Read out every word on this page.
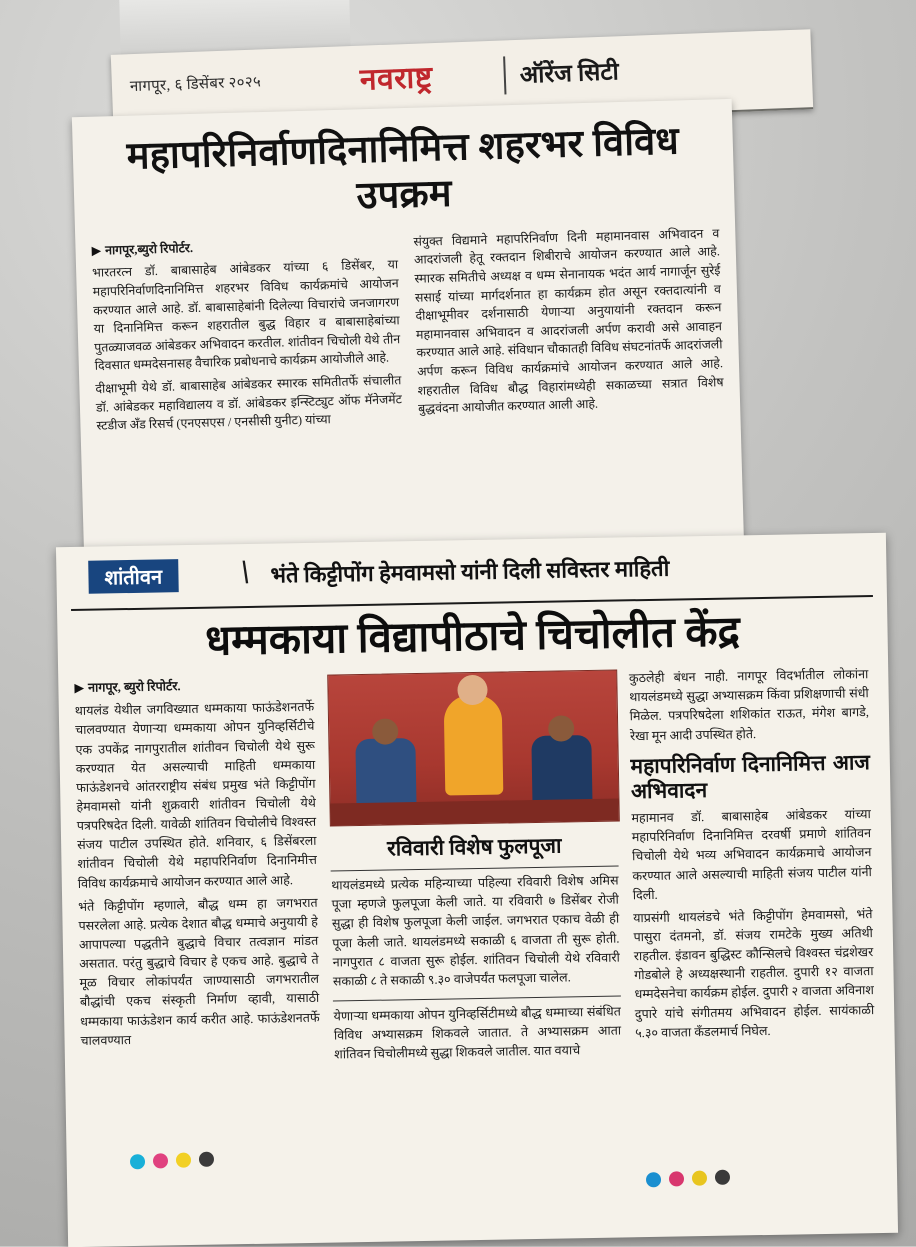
नागपूर, ६ डिसेंबर २०२५	नवराष्ट्र	ऑरेंज सिटी
महापरिनिर्वाणदिनानिमित्त शहरभर विविध उपक्रम

▶ नागपूर,ब्युरो रिपोर्टर.

भारतरत्न डॉ. बाबासाहेब आंबेडकर यांच्या ६ डिसेंबर, या महापरिनिर्वाणदिनानिमित्त शहरभर विविध कार्यक्रमांचे आयोजन करण्यात आले आहे. डॉ. बाबासाहेबांनी दिलेल्या विचारांचे जनजागरण या दिनानिमित्त करून शहरातील बुद्ध विहार व बाबासाहेबांच्या पुतळ्याजवळ आंबेडकर अभिवादन करतील. शांतीवन चिचोली येथे तीन दिवसात धम्मदेसनासह वैचारिक प्रबोधनाचे कार्यक्रम आयोजीले आहे.

दीक्षाभूमी येथे डॉ. बाबासाहेब आंबेडकर स्मारक समितीतर्फे संचालीत डॉ. आंबेडकर महाविद्यालय व डॉ. आंबेडकर इन्स्टिट्युट ऑफ मॅनेजमेंट स्टडीज अँड रिसर्च (एनएसएस / एनसीसी युनीट) यांच्या

संयुक्त विद्यमाने महापरिनिर्वाण दिनी महामानवास अभिवादन व आदरांजली हेतू रक्तदान शिबीराचे आयोजन करण्यात आले आहे. स्मारक समितीचे अध्यक्ष व धम्म सेनानायक भदंत आर्य नागार्जून सुरेई ससाई यांच्या मार्गदर्शनात हा कार्यक्रम होत असून रक्तदात्यांनी व दीक्षाभूमीवर दर्शनासाठी येणाऱ्या अनुयायांनी रक्तदान करून महामानवास अभिवादन व आदरांजली अर्पण करावी असे आवाहन करण्यात आले आहे. संविधान चौकातही विविध संघटनांतर्फे आदरांजली अर्पण करून विविध कार्यक्रमांचे आयोजन करण्यात आले आहे. शहरातील विविध बौद्ध विहारांमध्येही सकाळच्या सत्रात विशेष बुद्धवंदना आयोजीत करण्यात आली आहे.

शांतीवन	\ भंते किट्टीपोंग हेमवामसो यांनी दिली सविस्तर माहिती
धम्मकाया विद्यापीठाचे चिचोलीत केंद्र

▶ नागपूर, ब्युरो रिपोर्टर.

थायलंड येथील जगविख्यात धम्मकाया फाऊंडेशनतर्फे चालवण्यात येणाऱ्या धम्मकाया ओपन युनिव्हर्सिटीचे एक उपकेंद्र नागपुरातील शांतीवन चिचोली येथे सुरू करण्यात येत असल्याची माहिती धम्मकाया फाऊंडेशनचे आंतरराष्ट्रीय संबंध प्रमुख भंते किट्टीपोंग हेमवामसो यांनी शुक्रवारी शांतीवन चिचोली येथे पत्रपरिषदेत दिली. यावेळी शांतिवन चिचोलीचे विश्वस्त संजय पाटील उपस्थित होते. शनिवार, ६ डिसेंबरला शांतीवन चिचोली येथे महापरिनिर्वाण दिनानिमीत्त विविध कार्यक्रमाचे आयोजन करण्यात आले आहे.

भंते किट्टीपोंग म्हणाले, बौद्ध धम्म हा जगभरात पसरलेला आहे. प्रत्येक देशात बौद्ध धम्माचे अनुयायी हे आपापल्या पद्धतीने बुद्धाचे विचार तत्वज्ञान मांडत असतात. परंतु बुद्धाचे विचार हे एकच आहे. बुद्धाचे ते मूळ विचार लोकांपर्यंत जाण्यासाठी जगभरातील बौद्धांची एकच संस्कृती निर्माण व्हावी, यासाठी धम्मकाया फाऊंडेशन कार्य करीत आहे. फाऊंडेशनतर्फे चालवण्यात

रविवारी विशेष फुलपूजा

थायलंडमध्ये प्रत्येक महिन्याच्या पहिल्या रविवारी विशेष अमिस पूजा म्हणजे फुलपूजा केली जाते. या रविवारी ७ डिसेंबर रोजी सुद्धा ही विशेष फुलपूजा केली जाईल. जगभरात एकाच वेळी ही पूजा केली जाते. थायलंडमध्ये सकाळी ६ वाजता ती सुरू होती. नागपुरात ८ वाजता सुरू होईल. शांतिवन चिचोली येथे रविवारी सकाळी ८ ते सकाळी ९.३० वाजेपर्यंत फलपूजा चालेल.

येणाऱ्या धम्मकाया ओपन युनिव्हर्सिटीमध्ये बौद्ध धम्माच्या संबंधित विविध अभ्यासक्रम शिकवले जातात. ते अभ्यासक्रम आता शांतिवन चिचोलीमध्ये सुद्धा शिकवले जातील. यात वयाचे

कुठलेही बंधन नाही. नागपूर विदर्भातील लोकांना थायलंडमध्ये सुद्धा अभ्यासक्रम किंवा प्रशिक्षणाची संधी मिळेल. पत्रपरिषदेला शशिकांत राऊत, मंगेश बागडे, रेखा मून आदी उपस्थित होते.

महापरिनिर्वाण दिनानिमित्त आज अभिवादन

महामानव डॉ. बाबासाहेब आंबेडकर यांच्या महापरिनिर्वाण दिनानिमित्त दरवर्षी प्रमाणे शांतिवन चिचोली येथे भव्य अभिवादन कार्यक्रमाचे आयोजन करण्यात आले असल्याची माहिती संजय पाटील यांनी दिली.

याप्रसंगी थायलंडचे भंते किट्टीपोंग हेमवामसो, भंते पासुरा दंतमनो, डॉ. संजय रामटेके मुख्य अतिथी राहतील. इंडावन बुद्धिस्ट कौन्सिलचे विश्वस्त चंद्रशेखर गोडबोले हे अध्यक्षस्थानी राहतील. दुपारी १२ वाजता धम्मदेसनेचा कार्यक्रम होईल. दुपारी २ वाजता अविनाश दुपारे यांचे संगीतमय अभिवादन होईल. सायंकाळी ५.३० वाजता कॅंडलमार्च निघेल.
